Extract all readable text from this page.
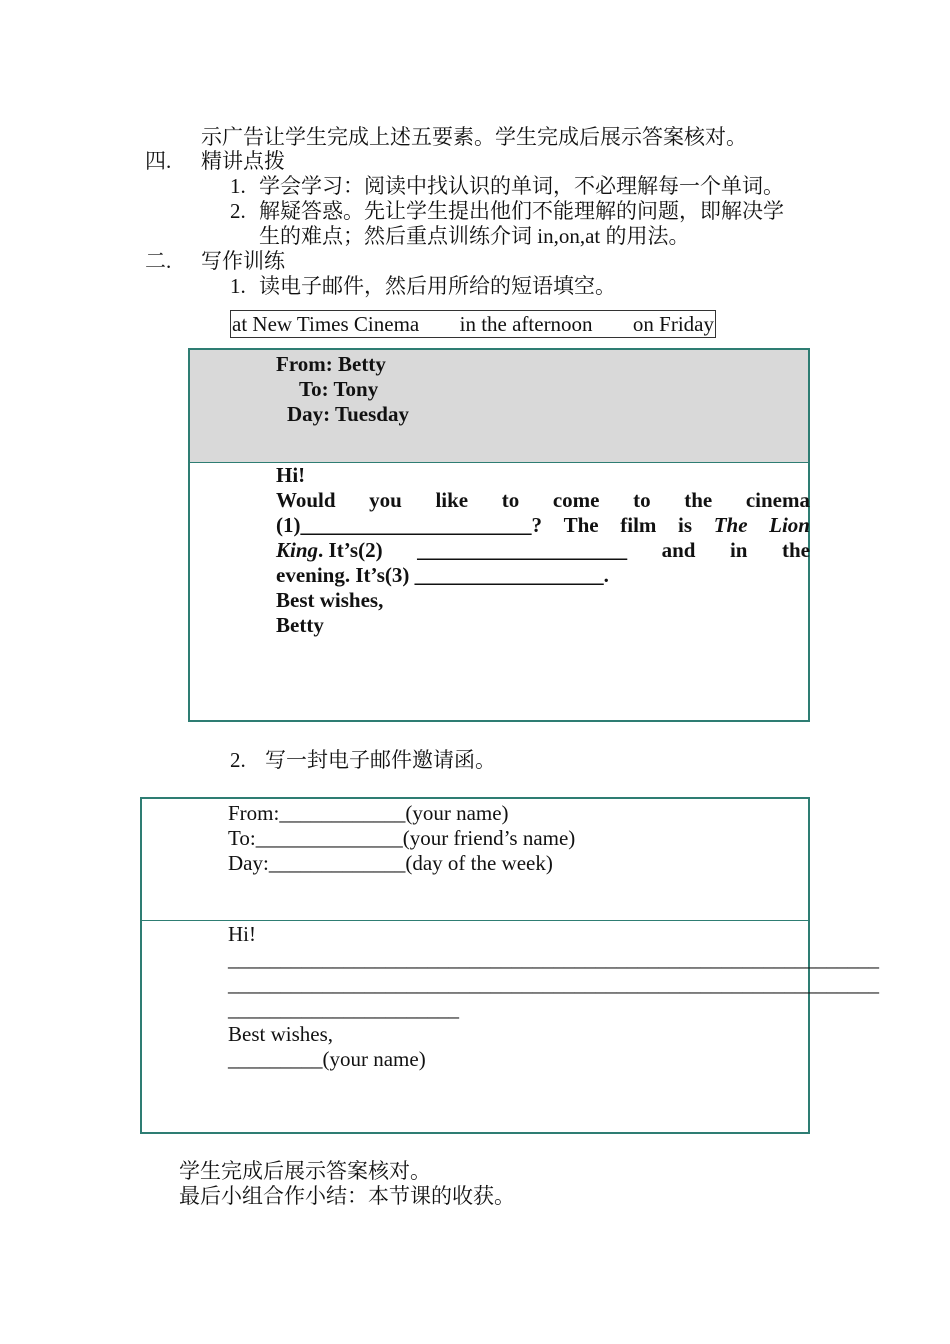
示广告让学生完成上述五要素。学生完成后展示答案核对。
四. 精讲点拨
1. 学会学习：阅读中找认识的单词，不必理解每一个单词。
2. 解疑答惑。先让学生提出他们不能理解的问题，即解决学
生的难点；然后重点训练介词 in,on,at 的用法。
二. 写作训练
1. 读电子邮件，然后用所给的短语填空。
at New Times Cinema in the afternoon on Friday
From: Betty
To: Tony
Day: Tuesday
Hi!
Would you like to come to the cinema
(1)______________________? The film is The Lion
King. It’s(2) ____________________ and in the
evening. It’s(3) __________________.
Best wishes,
Betty
2. 写一封电子邮件邀请函。
From:____________(your name)
To:______________(your friend’s name)
Day:_____________(day of the week)
Hi!
______________________________________________________________
______________________________________________________________
______________________
Best wishes,
_________(your name)
学生完成后展示答案核对。
最后小组合作小结：本节课的收获。
